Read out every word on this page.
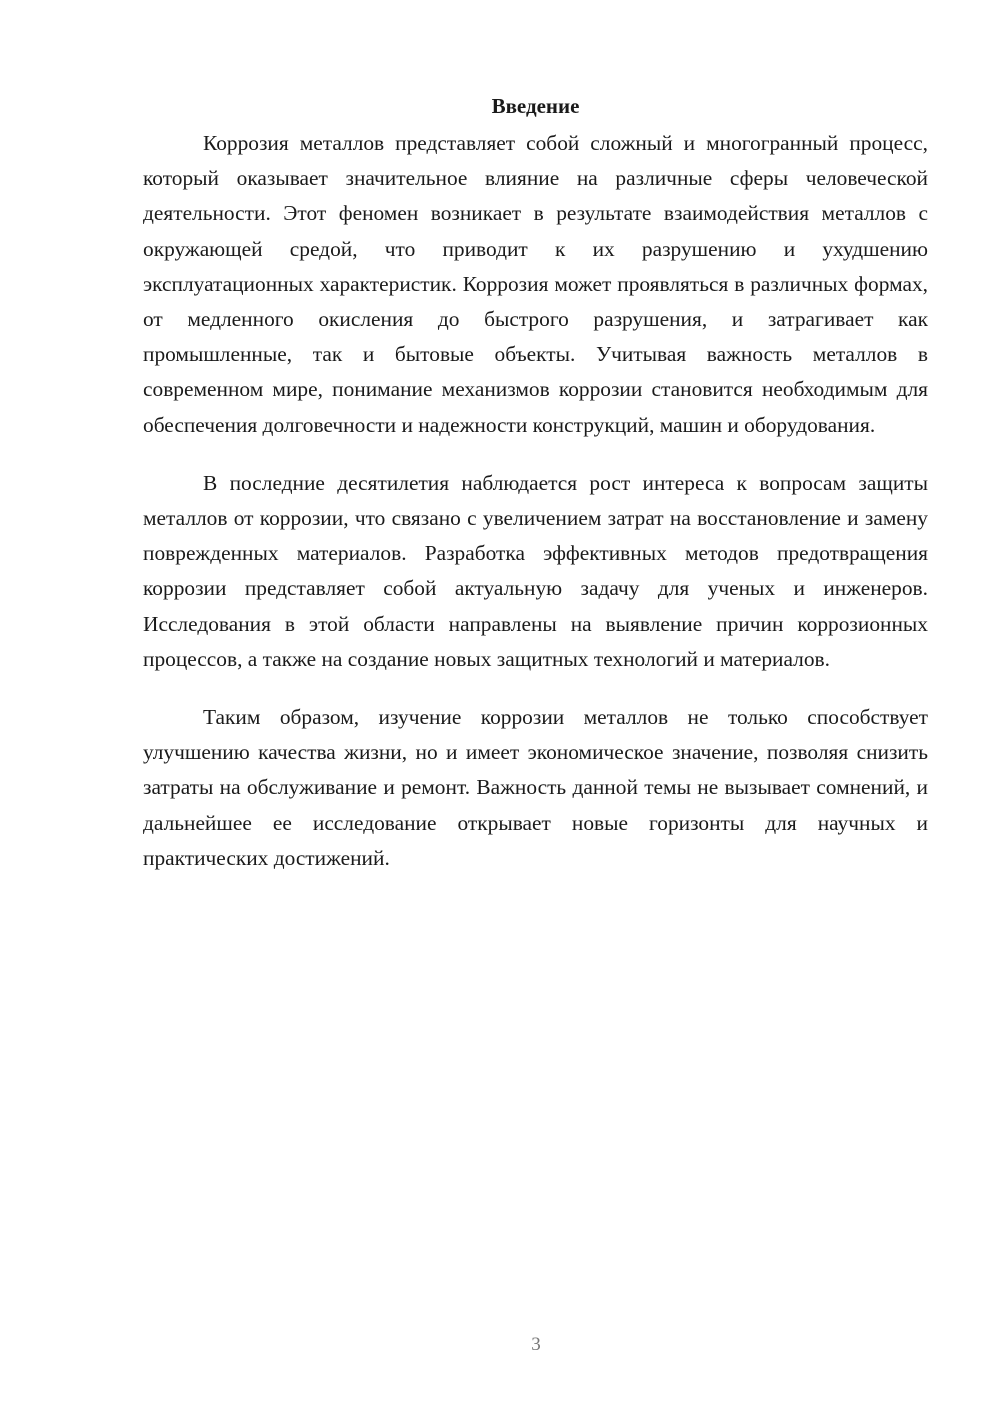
Введение

Коррозия металлов представляет собой сложный и многогранный процесс, который оказывает значительное влияние на различные сферы человеческой деятельности. Этот феномен возникает в результате взаимодействия металлов с окружающей средой, что приводит к их разрушению и ухудшению эксплуатационных характеристик. Коррозия может проявляться в различных формах, от медленного окисления до быстрого разрушения, и затрагивает как промышленные, так и бытовые объекты. Учитывая важность металлов в современном мире, понимание механизмов коррозии становится необходимым для обеспечения долговечности и надежности конструкций, машин и оборудования.

В последние десятилетия наблюдается рост интереса к вопросам защиты металлов от коррозии, что связано с увеличением затрат на восстановление и замену поврежденных материалов. Разработка эффективных методов предотвращения коррозии представляет собой актуальную задачу для ученых и инженеров. Исследования в этой области направлены на выявление причин коррозионных процессов, а также на создание новых защитных технологий и материалов.

Таким образом, изучение коррозии металлов не только способствует улучшению качества жизни, но и имеет экономическое значение, позволяя снизить затраты на обслуживание и ремонт. Важность данной темы не вызывает сомнений, и дальнейшее ее исследование открывает новые горизонты для научных и практических достижений.

3
